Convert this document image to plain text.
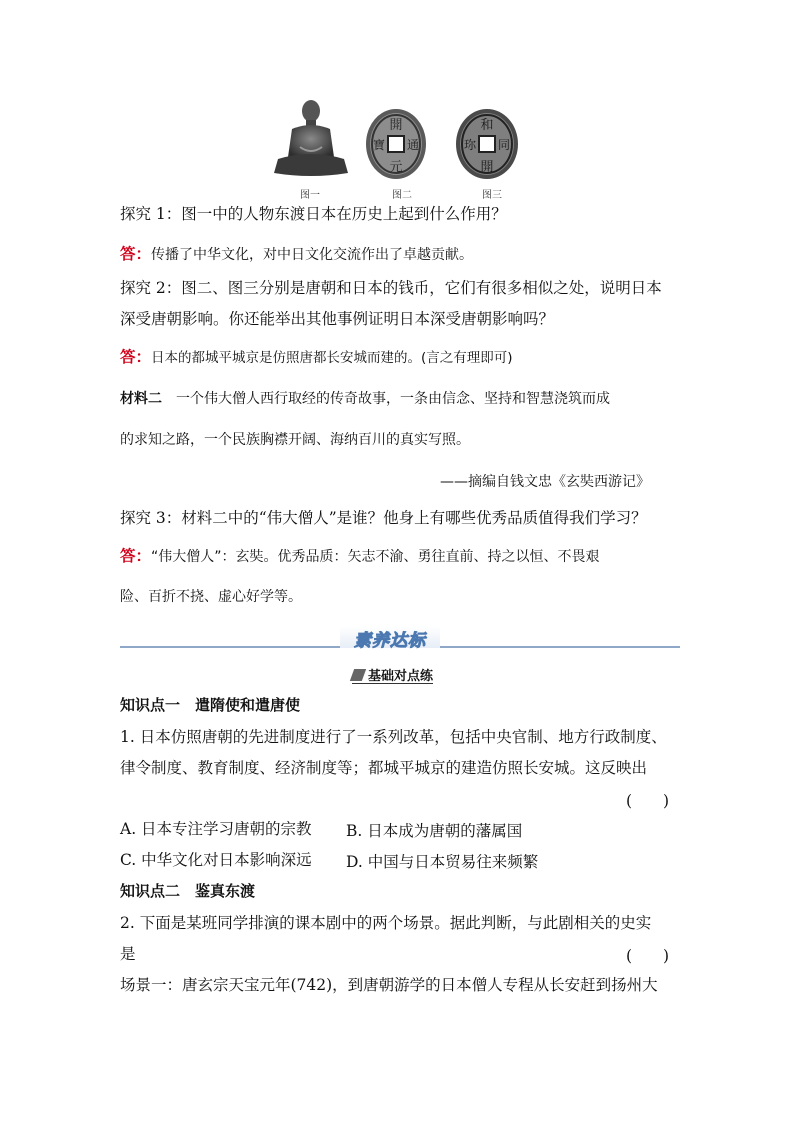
图一
開
元
通
寶
图二
和
同
開
珎
图三
探究 1：图一中的人物东渡日本在历史上起到什么作用？
答：传播了中华文化，对中日文化交流作出了卓越贡献。
探究 2：图二、图三分别是唐朝和日本的钱币，它们有很多相似之处，说明日本
深受唐朝影响。你还能举出其他事例证明日本深受唐朝影响吗？
答：日本的都城平城京是仿照唐都长安城而建的。(言之有理即可)
材料二 一个伟大僧人西行取经的传奇故事，一条由信念、坚持和智慧浇筑而成
的求知之路，一个民族胸襟开阔、海纳百川的真实写照。
——摘编自钱文忠《玄奘西游记》
探究 3：材料二中的“伟大僧人”是谁？他身上有哪些优秀品质值得我们学习？
答：“伟大僧人”：玄奘。优秀品质：矢志不渝、勇往直前、持之以恒、不畏艰
险、百折不挠、虚心好学等。
素养达标
基础对点练
知识点一　遣隋使和遣唐使
1. 日本仿照唐朝的先进制度进行了一系列改革，包括中央官制、地方行政制度、
律令制度、教育制度、经济制度等；都城平城京的建造仿照长安城。这反映出
(　　)
A. 日本专注学习唐朝的宗教 B. 日本成为唐朝的藩属国
C. 中华文化对日本影响深远 D. 中国与日本贸易往来频繁
知识点二　鉴真东渡
2. 下面是某班同学排演的课本剧中的两个场景。据此判断，与此剧相关的史实
是	(　　)
场景一：唐玄宗天宝元年(742)，到唐朝游学的日本僧人专程从长安赶到扬州大
